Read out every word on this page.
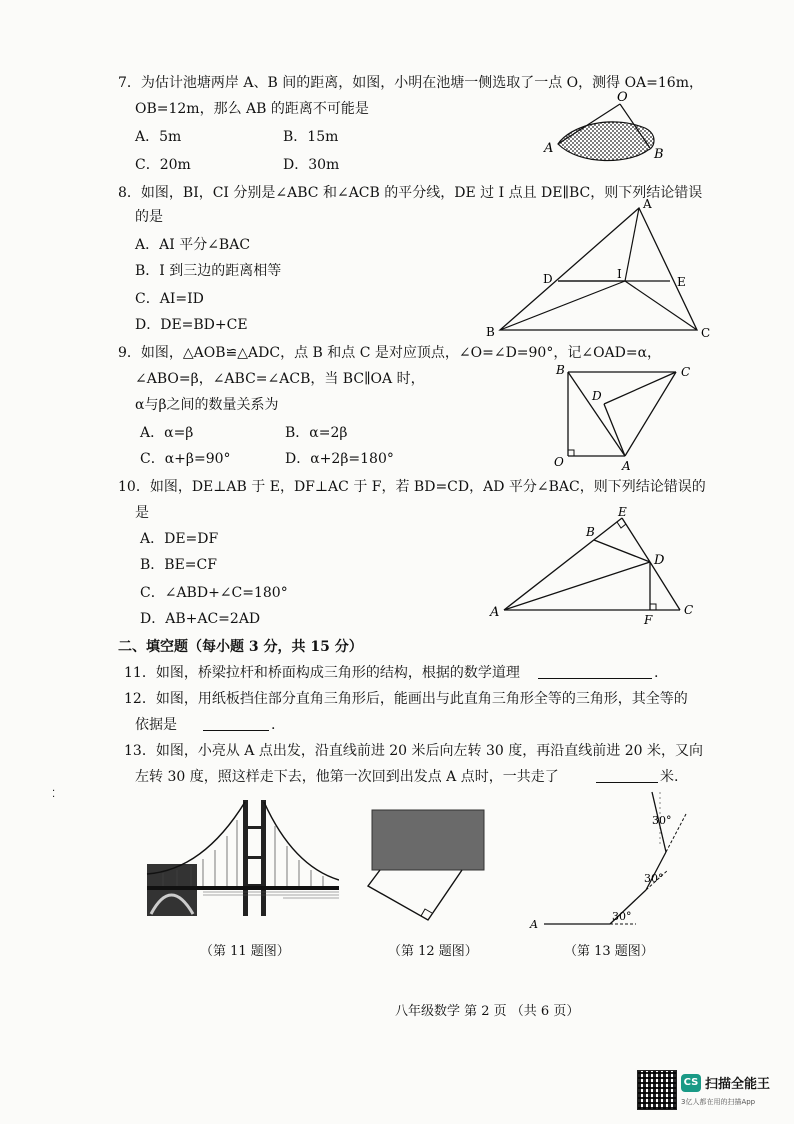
7．为估计池塘两岸 A、B 间的距离，如图，小明在池塘一侧选取了一点 O，测得 OA=16m，
OB=12m，那么 AB 的距离不可能是
A．5m	B．15m
C．20m	D．30m
O
A	B
8．如图，BI，CI 分别是∠ABC 和∠ACB 的平分线，DE 过 I 点且 DE∥BC，则下列结论错误
的是
A．AI 平分∠BAC
B．I 到三边的距离相等
C．AI=ID
D．DE=BD+CE
A
B	C
D	E
I
9．如图，△AOB≌△ADC，点 B 和点 C 是对应顶点，∠O=∠D=90°，记∠OAD=α，
∠ABO=β，∠ABC=∠ACB，当 BC∥OA 时，
α与β之间的数量关系为
A．α=β	B．α=2β
C．α+β=90°	D．α+2β=180°
B	C
D
O	A
10．如图，DE⊥AB 于 E，DF⊥AC 于 F，若 BD=CD，AD 平分∠BAC，则下列结论错误的
是
A．DE=DF
B．BE=CF
C．∠ABD+∠C=180°
D．AB+AC=2AD
E
B
D
A	F
C
二、填空题（每小题 3 分，共 15 分）
11．如图，桥梁拉杆和桥面构成三角形的结构，根据的数学道理	.
12．如图，用纸板挡住部分直角三角形后，能画出与此直角三角形全等的三角形，其全等的
依据是	.
13．如图，小亮从 A 点出发，沿直线前进 20 米后向左转 30 度，再沿直线前进 20 米，又向
左转 30 度，照这样走下去，他第一次回到出发点 A 点时，一共走了	米.
⁚
A
30°
30°
30°
（第 11 题图）	（第 12 题图）	（第 13 题图）
八年级数学 第 2 页 （共 6 页）
CS 扫描全能王
3亿人都在用的扫描App
